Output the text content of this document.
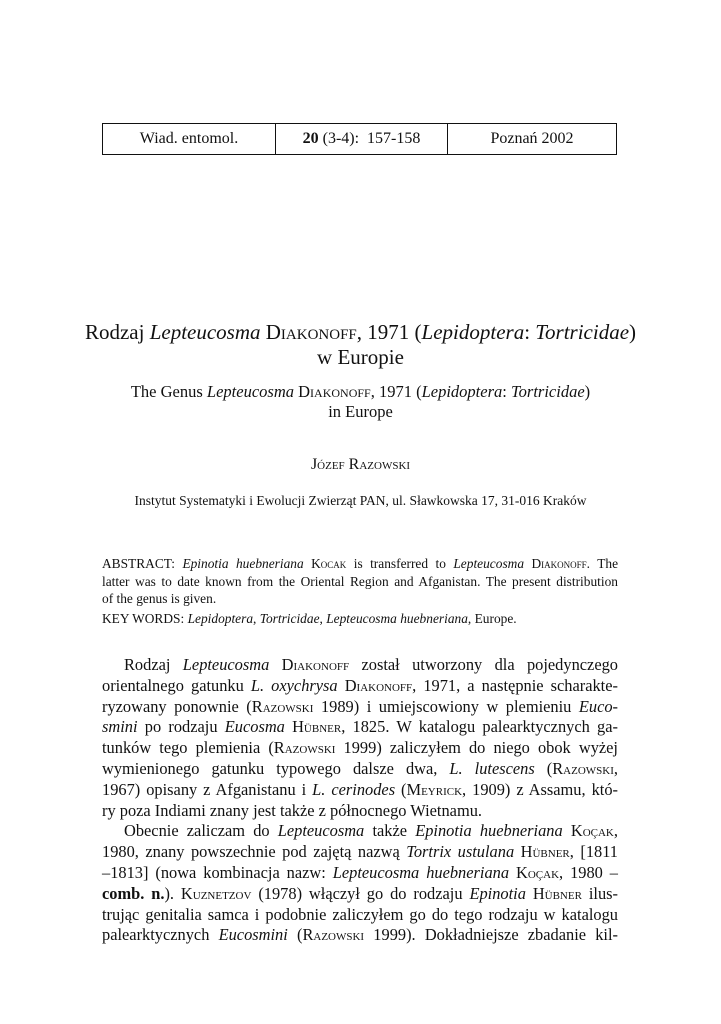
Wiad. entomol.	20 (3-4):  157-158	Poznań 2002
Rodzaj Lepteucosma Diakonoff, 1971 (Lepidoptera: Tortricidae)
w Europie
The Genus Lepteucosma Diakonoff, 1971 (Lepidoptera: Tortricidae)
in Europe
Józef Razowski
Instytut Systematyki i Ewolucji Zwierząt PAN, ul. Sławkowska 17, 31-016 Kraków
ABSTRACT: Epinotia huebneriana Kocak is transferred to Lepteucosma Diakonoff. The
latter was to date known from the Oriental Region and Afganistan. The present distribution
of the genus is given.
KEY WORDS: Lepidoptera, Tortricidae, Lepteucosma huebneriana, Europe.

Rodzaj Lepteucosma Diakonoff został utworzony dla pojedynczego
orientalnego gatunku L. oxychrysa Diakonoff, 1971, a następnie scharakte-
ryzowany ponownie (Razowski 1989) i umiejscowiony w plemieniu Euco-
smini po rodzaju Eucosma Hübner, 1825. W katalogu palearktycznych ga-
tunków tego plemienia (Razowski 1999) zaliczyłem do niego obok wyżej
wymienionego gatunku typowego dalsze dwa, L. lutescens (Razowski,
1967) opisany z Afganistanu i L. cerinodes (Meyrick, 1909) z Assamu, któ-
ry poza Indiami znany jest także z północnego Wietnamu.

Obecnie zaliczam do Lepteucosma także Epinotia huebneriana Koçak,
1980, znany powszechnie pod zajętą nazwą Tortrix ustulana Hübner, [1811
–1813] (nowa kombinacja nazw: Lepteucosma huebneriana Koçak, 1980 –
comb. n.). Kuznetzov (1978) włączył go do rodzaju Epinotia Hübner ilus-
trując genitalia samca i podobnie zaliczyłem go do tego rodzaju w katalogu
palearktycznych Eucosmini (Razowski 1999). Dokładniejsze zbadanie kil-
